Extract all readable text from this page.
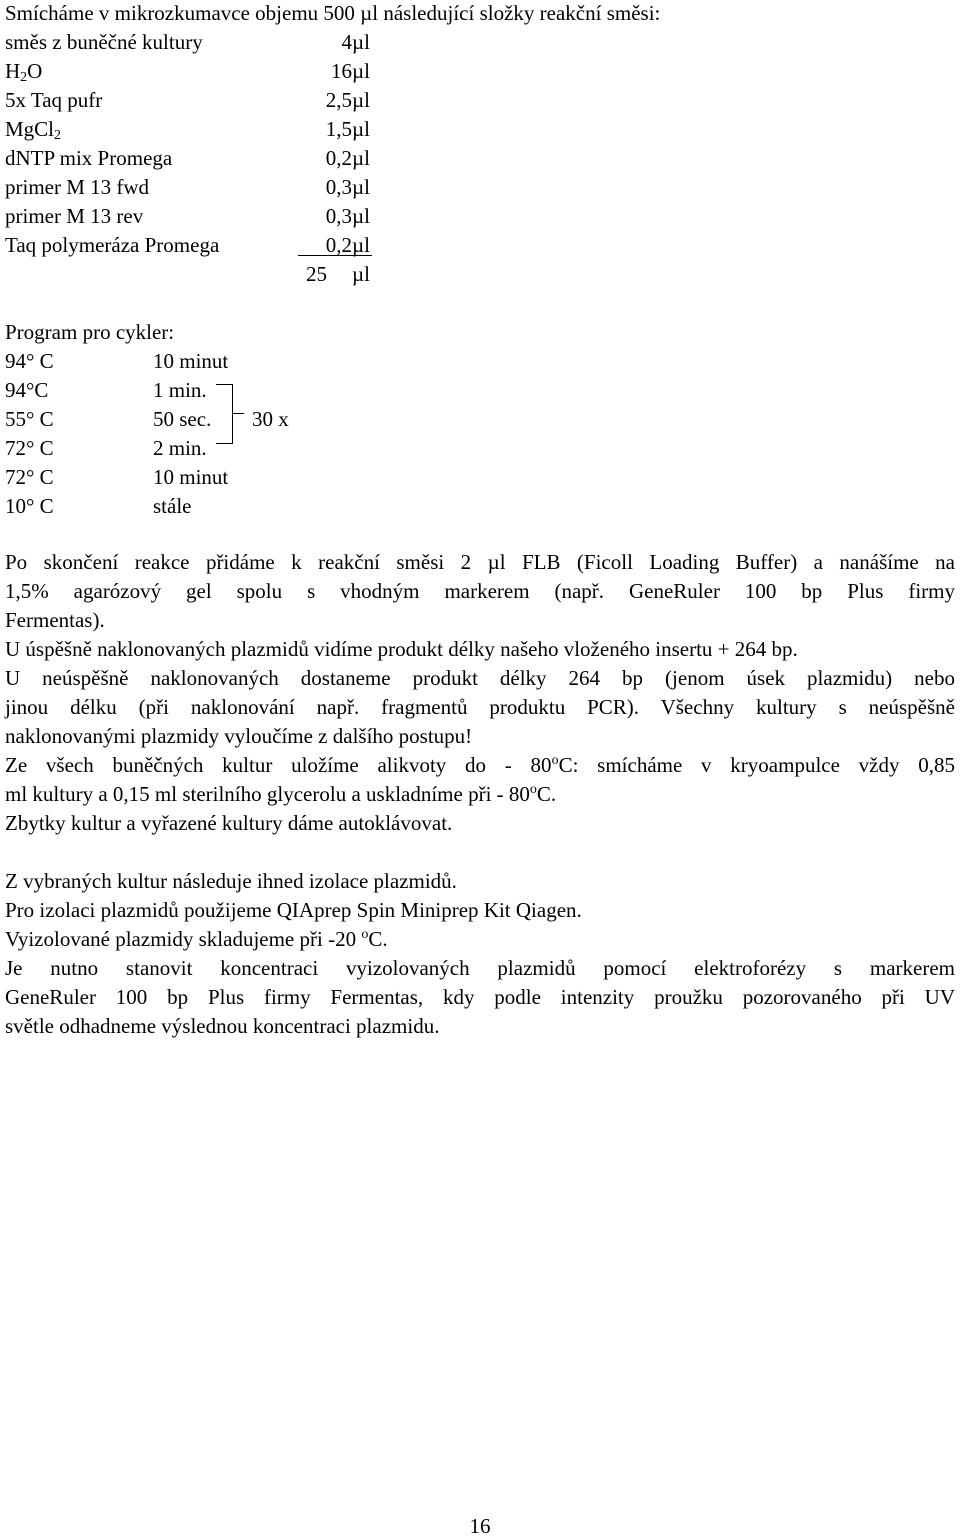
Smícháme v mikrozkumavce objemu 500 µl následující složky reakční směsi:
směs z buněčné kultury	4 µl
$H_2O$	16 µl
5x Taq pufr	2,5 µl
MgCl$_2$	1,5 µl
dNTP mix Promega	0,2 µl
primer M 13 fwd	0,3 µl
primer M 13 rev	0,3 µl
Taq polymeráza Promega	0,2 µl
25 µl
Program pro cykler:
94° C	10 minut
94°C	1 min.
55° C	50 sec.
72° C	2 min.
72° C	10 minut
10° C	stále
30 x
Po skončení reakce přidáme k reakční směsi 2 µl FLB (Ficoll Loading Buffer) a nanášíme na
1,5% agarózový gel spolu s vhodným markerem (např. GeneRuler 100 bp Plus firmy
Fermentas).
U úspěšně naklonovaných plazmidů vidíme produkt délky našeho vloženého insertu + 264 bp.
U neúspěšně naklonovaných dostaneme produkt délky 264 bp (jenom úsek plazmidu) nebo
jinou délku (při naklonování např. fragmentů produktu PCR). Všechny kultury s neúspěšně
naklonovanými plazmidy vyloučíme z dalšího postupu!
Ze všech buněčných kultur uložíme alikvoty do - 80$^o$C: smícháme v kryoampulce vždy 0,85
ml kultury a 0,15 ml sterilního glycerolu a uskladníme při - 80$^o$C.
Zbytky kultur a vyřazené kultury dáme autoklávovat.
Z vybraných kultur následuje ihned izolace plazmidů.
Pro izolaci plazmidů použijeme QIAprep Spin Miniprep Kit Qiagen.
Vyizolované plazmidy skladujeme při -20 $^o$C.
Je nutno stanovit koncentraci vyizolovaných plazmidů pomocí elektroforézy s markerem
GeneRuler 100 bp Plus firmy Fermentas, kdy podle intenzity proužku pozorovaného při UV
světle odhadneme výslednou koncentraci plazmidu.
16
